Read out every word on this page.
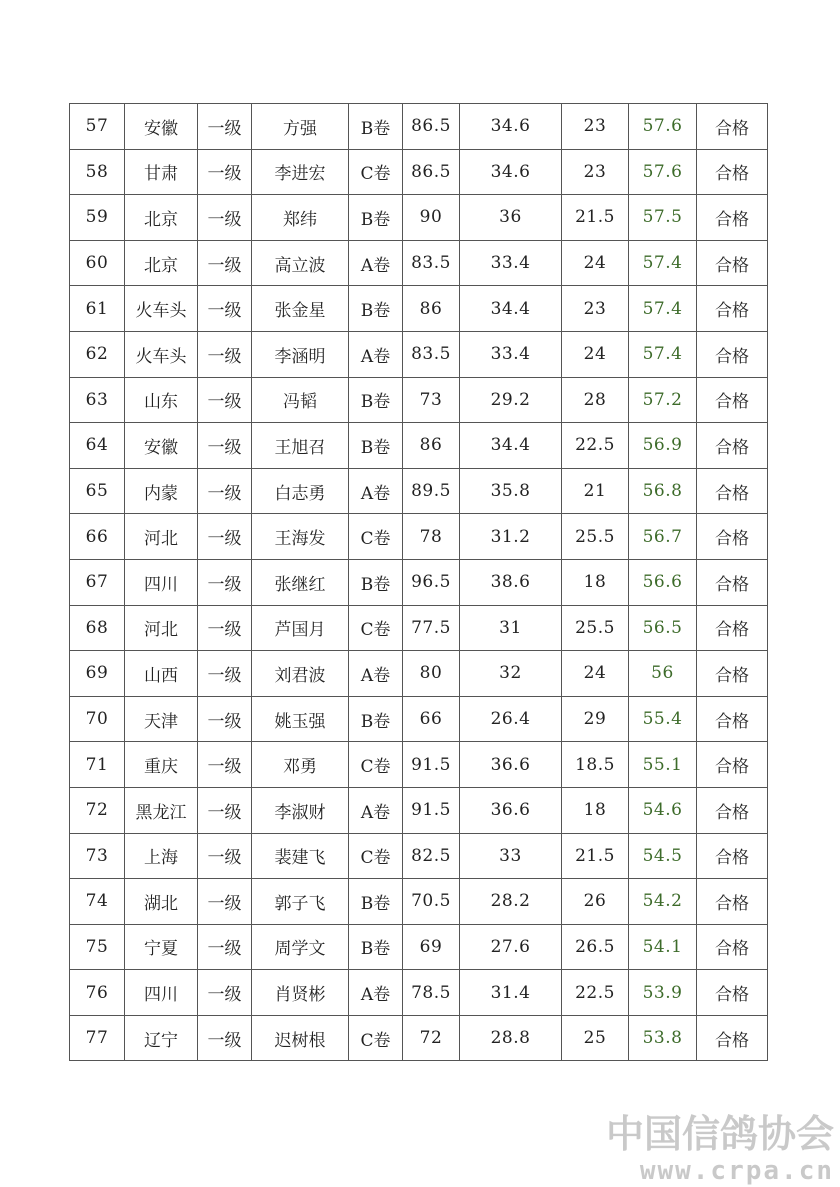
57	安徽	一级	方强	B卷	86.5	34.6	23	57.6	合格
58	甘肃	一级	李进宏	C卷	86.5	34.6	23	57.6	合格
59	北京	一级	郑纬	B卷	90	36	21.5	57.5	合格
60	北京	一级	高立波	A卷	83.5	33.4	24	57.4	合格
61	火车头	一级	张金星	B卷	86	34.4	23	57.4	合格
62	火车头	一级	李涵明	A卷	83.5	33.4	24	57.4	合格
63	山东	一级	冯韬	B卷	73	29.2	28	57.2	合格
64	安徽	一级	王旭召	B卷	86	34.4	22.5	56.9	合格
65	内蒙	一级	白志勇	A卷	89.5	35.8	21	56.8	合格
66	河北	一级	王海发	C卷	78	31.2	25.5	56.7	合格
67	四川	一级	张继红	B卷	96.5	38.6	18	56.6	合格
68	河北	一级	芦国月	C卷	77.5	31	25.5	56.5	合格
69	山西	一级	刘君波	A卷	80	32	24	56	合格
70	天津	一级	姚玉强	B卷	66	26.4	29	55.4	合格
71	重庆	一级	邓勇	C卷	91.5	36.6	18.5	55.1	合格
72	黑龙江	一级	李淑财	A卷	91.5	36.6	18	54.6	合格
73	上海	一级	裴建飞	C卷	82.5	33	21.5	54.5	合格
74	湖北	一级	郭子飞	B卷	70.5	28.2	26	54.2	合格
75	宁夏	一级	周学文	B卷	69	27.6	26.5	54.1	合格
76	四川	一级	肖贤彬	A卷	78.5	31.4	22.5	53.9	合格
77	辽宁	一级	迟树根	C卷	72	28.8	25	53.8	合格
中国信鸽协会
www.crpa.cn
